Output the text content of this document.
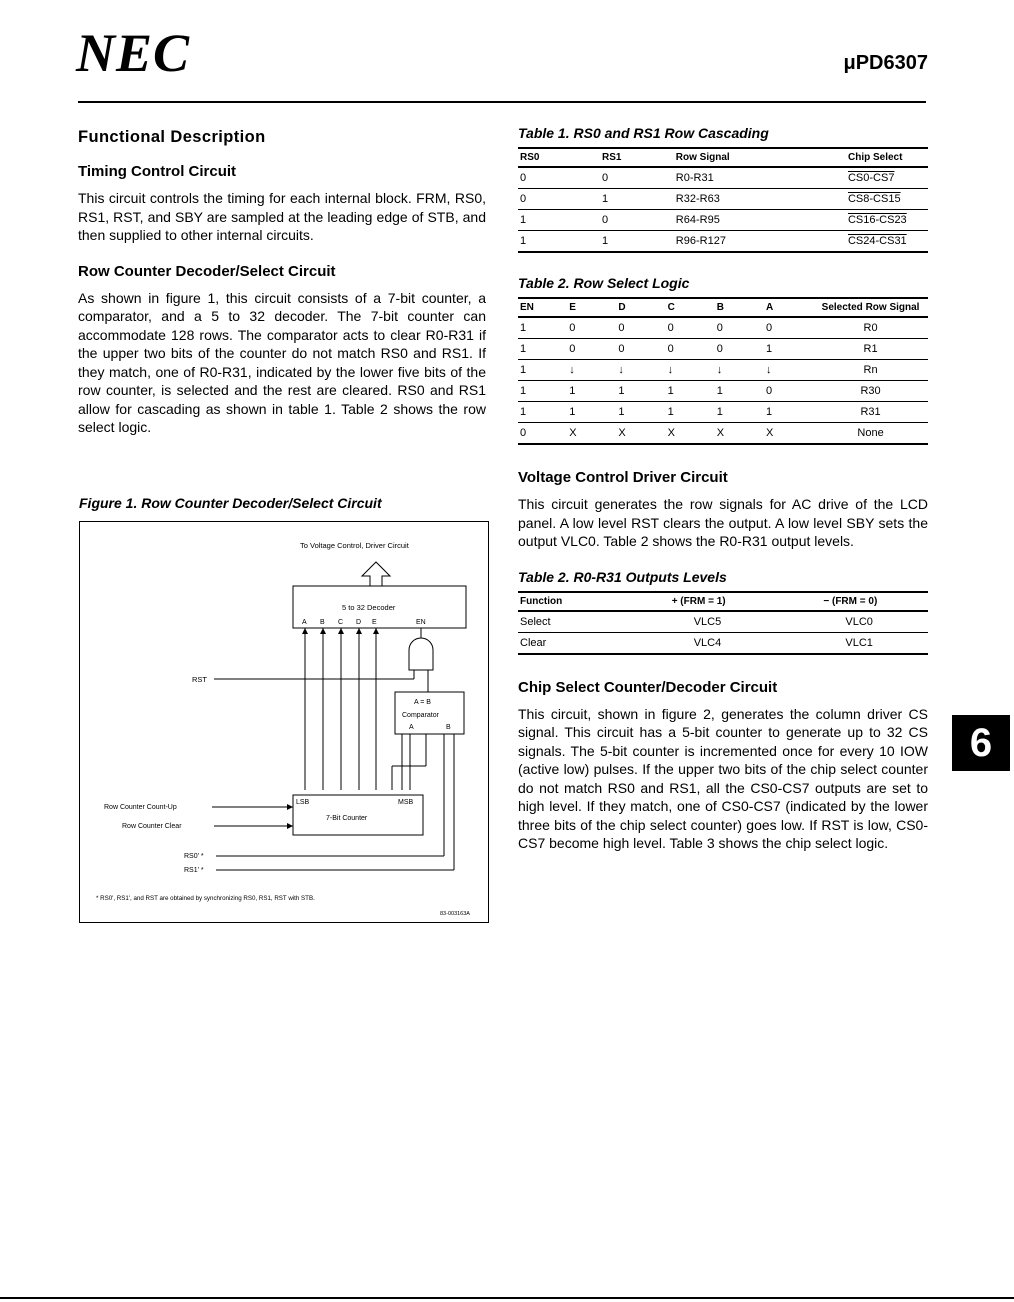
NEC	μPD6307
Functional Description
Timing Control Circuit

This circuit controls the timing for each internal block. FRM, RS0, RS1, RST, and SBY are sampled at the leading edge of STB, and then supplied to other internal circuits.

Row Counter Decoder/Select Circuit

As shown in figure 1, this circuit consists of a 7-bit counter, a comparator, and a 5 to 32 decoder. The 7-bit counter can accommodate 128 rows. The comparator acts to clear R0-R31 if the upper two bits of the counter do not match RS0 and RS1. If they match, one of R0-R31, indicated by the lower five bits of the row counter, is selected and the rest are cleared. RS0 and RS1 allow for cascading as shown in table 1. Table 2 shows the row select logic.

Figure 1. Row Counter Decoder/Select Circuit
To Voltage Control, Driver Circuit
5 to 32 Decoder
A B C D E	EN
RST
A = B
Comparator
A	B
LSB	MSB
7-Bit Counter
Row Counter Count-Up
Row Counter Clear
RS0' *
RS1' *
* RS0', RS1', and RST are obtained by synchronizing RS0, RS1, RST with STB.
83-003163A
Table 1. RS0 and RS1 Row Cascading
RS0	RS1	Row Signal	Chip Select
0	0	R0-R31	CS0-CS7
0	1	R32-R63	CS8-CS15
1	0	R64-R95	CS16-CS23
1	1	R96-R127	CS24-CS31
Table 2. Row Select Logic
EN	E	D	C	B	A	Selected Row Signal
1	0	0	0	0	0	R0
1	0	0	0	0	1	R1
1	↓	↓	↓	↓	↓	Rn
1	1	1	1	1	0	R30
1	1	1	1	1	1	R31
0	X	X	X	X	X	None
Voltage Control Driver Circuit

This circuit generates the row signals for AC drive of the LCD panel. A low level RST clears the output. A low level SBY sets the output VLC0. Table 2 shows the R0-R31 output levels.

Table 2. R0-R31 Outputs Levels
Function	+ (FRM = 1)	− (FRM = 0)
Select	VLC5	VLC0
Clear	VLC4	VLC1
Chip Select Counter/Decoder Circuit

This circuit, shown in figure 2, generates the column driver CS signal. This circuit has a 5-bit counter to generate up to 32 CS signals. The 5-bit counter is incremented once for every 10 IOW (active low) pulses. If the upper two bits of the chip select counter do not match RS0 and RS1, all the CS0-CS7 outputs are set to high level. If they match, one of CS0-CS7 (indicated by the lower three bits of the chip select counter) goes low. If RST is low, CS0-CS7 become high level. Table 3 shows the chip select logic.

6
